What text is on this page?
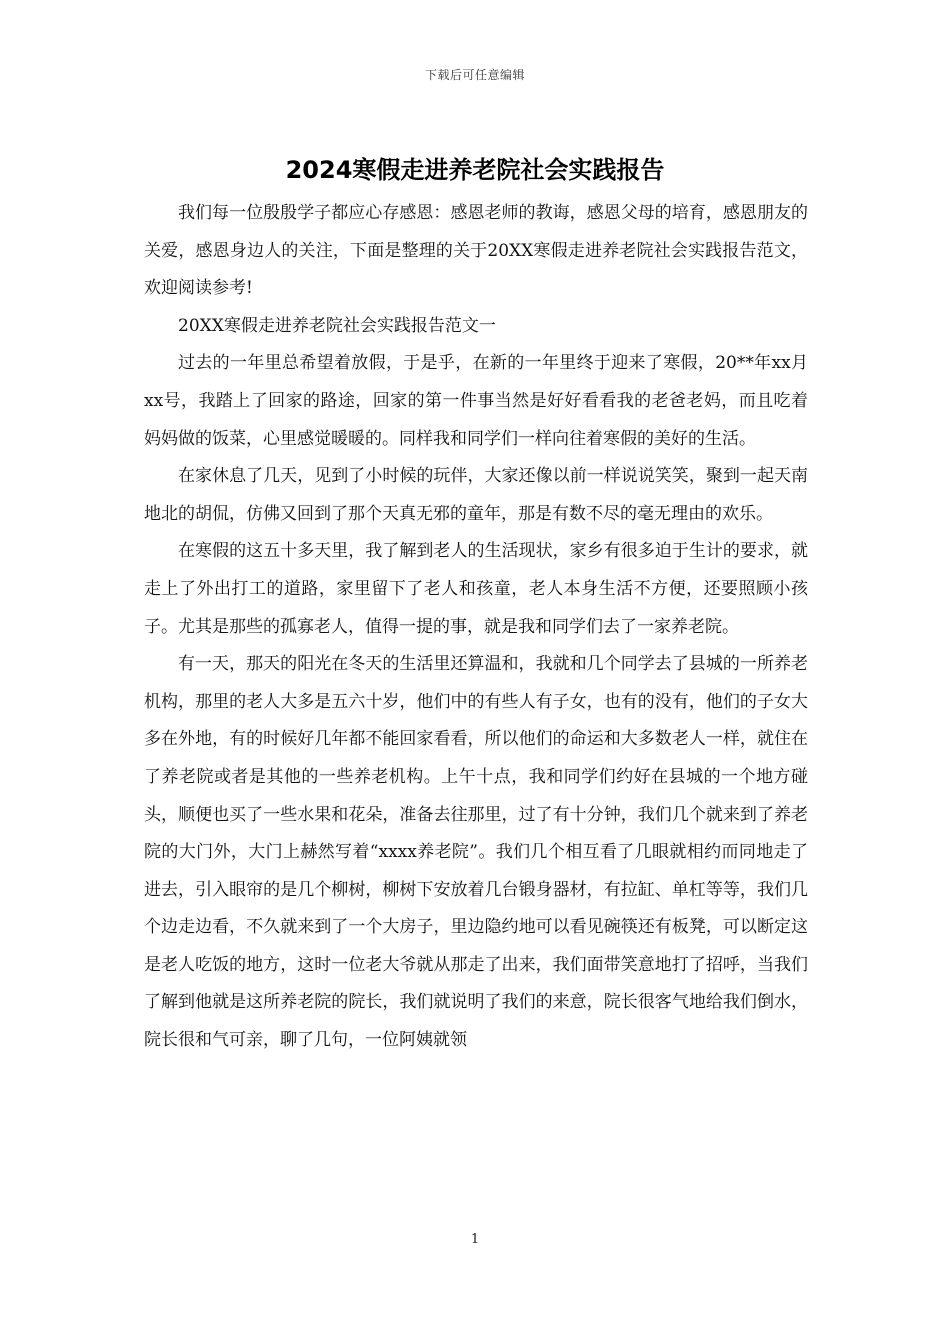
下载后可任意编辑
2024寒假走进养老院社会实践报告

我们每一位殷殷学子都应心存感恩：感恩老师的教诲，感恩父母的培育，感恩朋友的关爱，感恩身边人的关注，下面是整理的关于20XX寒假走进养老院社会实践报告范文，欢迎阅读参考!

20XX寒假走进养老院社会实践报告范文一

过去的一年里总希望着放假，于是乎，在新的一年里终于迎来了寒假，20**年xx月xx号，我踏上了回家的路途，回家的第一件事当然是好好看看我的老爸老妈，而且吃着妈妈做的饭菜，心里感觉暖暖的。同样我和同学们一样向往着寒假的美好的生活。

在家休息了几天，见到了小时候的玩伴，大家还像以前一样说说笑笑，聚到一起天南地北的胡侃，仿佛又回到了那个天真无邪的童年，那是有数不尽的毫无理由的欢乐。

在寒假的这五十多天里，我了解到老人的生活现状，家乡有很多迫于生计的要求，就走上了外出打工的道路，家里留下了老人和孩童，老人本身生活不方便，还要照顾小孩子。尤其是那些的孤寡老人，值得一提的事，就是我和同学们去了一家养老院。

有一天，那天的阳光在冬天的生活里还算温和，我就和几个同学去了县城的一所养老机构，那里的老人大多是五六十岁，他们中的有些人有子女，也有的没有，他们的子女大多在外地，有的时候好几年都不能回家看看，所以他们的命运和大多数老人一样，就住在了养老院或者是其他的一些养老机构。上午十点，我和同学们约好在县城的一个地方碰头，顺便也买了一些水果和花朵，准备去往那里，过了有十分钟，我们几个就来到了养老院的大门外，大门上赫然写着“xxxx养老院”。我们几个相互看了几眼就相约而同地走了进去，引入眼帘的是几个柳树，柳树下安放着几台锻身器材，有拉缸、单杠等等，我们几个边走边看，不久就来到了一个大房子，里边隐约地可以看见碗筷还有板凳，可以断定这是老人吃饭的地方，这时一位老大爷就从那走了出来，我们面带笑意地打了招呼，当我们了解到他就是这所养老院的院长，我们就说明了我们的来意，院长很客气地给我们倒水，院长很和气可亲，聊了几句，一位阿姨就领

1
